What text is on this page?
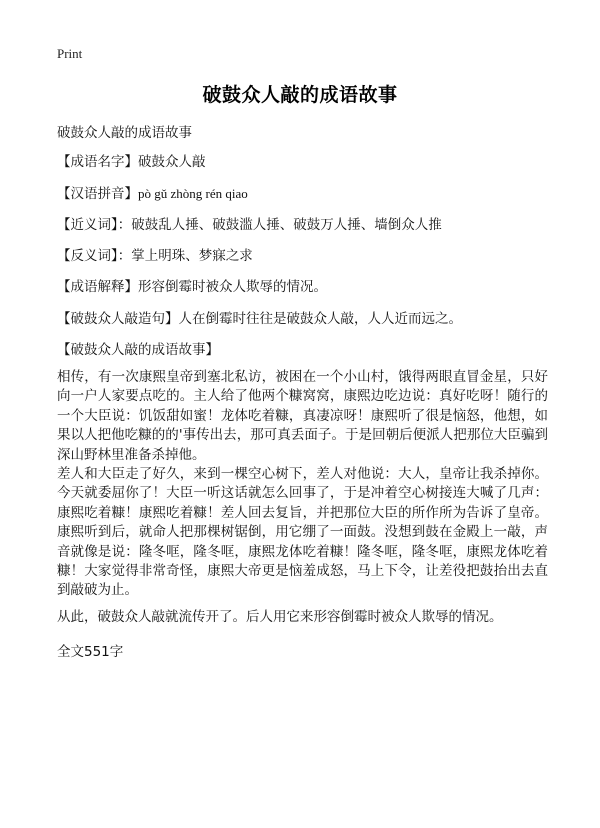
Print
破鼓众人敲的成语故事
破鼓众人敲的成语故事
【成语名字】破鼓众人敲
【汉语拼音】pò gǔ zhòng rén qiao
【近义词】：破鼓乱人捶、破鼓滥人捶、破鼓万人捶、墙倒众人推
【反义词】：掌上明珠、梦寐之求
【成语解释】形容倒霉时被众人欺辱的情况。
【破鼓众人敲造句】人在倒霉时往往是破鼓众人敲，人人近而远之。
【破鼓众人敲的成语故事】
相传，有一次康熙皇帝到塞北私访，被困在一个小山村，饿得两眼直冒金星，只好向一户人家要点吃的。主人给了他两个糠窝窝，康熙边吃边说：真好吃呀！随行的一个大臣说：饥饭甜如蜜！龙体吃着糠，真凄凉呀！康熙听了很是恼怒，他想，如果以人把他吃糠的的'事传出去，那可真丢面子。于是回朝后便派人把那位大臣骗到深山野林里准备杀掉他。
差人和大臣走了好久，来到一棵空心树下，差人对他说：大人，皇帝让我杀掉你。今天就委屈你了！大臣一听这话就怎么回事了，于是冲着空心树接连大喊了几声：康熙吃着糠！康熙吃着糠！差人回去复旨，并把那位大臣的所作所为告诉了皇帝。康熙听到后，就命人把那棵树锯倒，用它绷了一面鼓。没想到鼓在金殿上一敲，声音就像是说：隆冬哐，隆冬哐，康熙龙体吃着糠！隆冬哐，隆冬哐，康熙龙体吃着糠！大家觉得非常奇怪，康熙大帝更是恼羞成怒，马上下令，让差役把鼓抬出去直到敲破为止。
从此，破鼓众人敲就流传开了。后人用它来形容倒霉时被众人欺辱的情况。
全文551字
